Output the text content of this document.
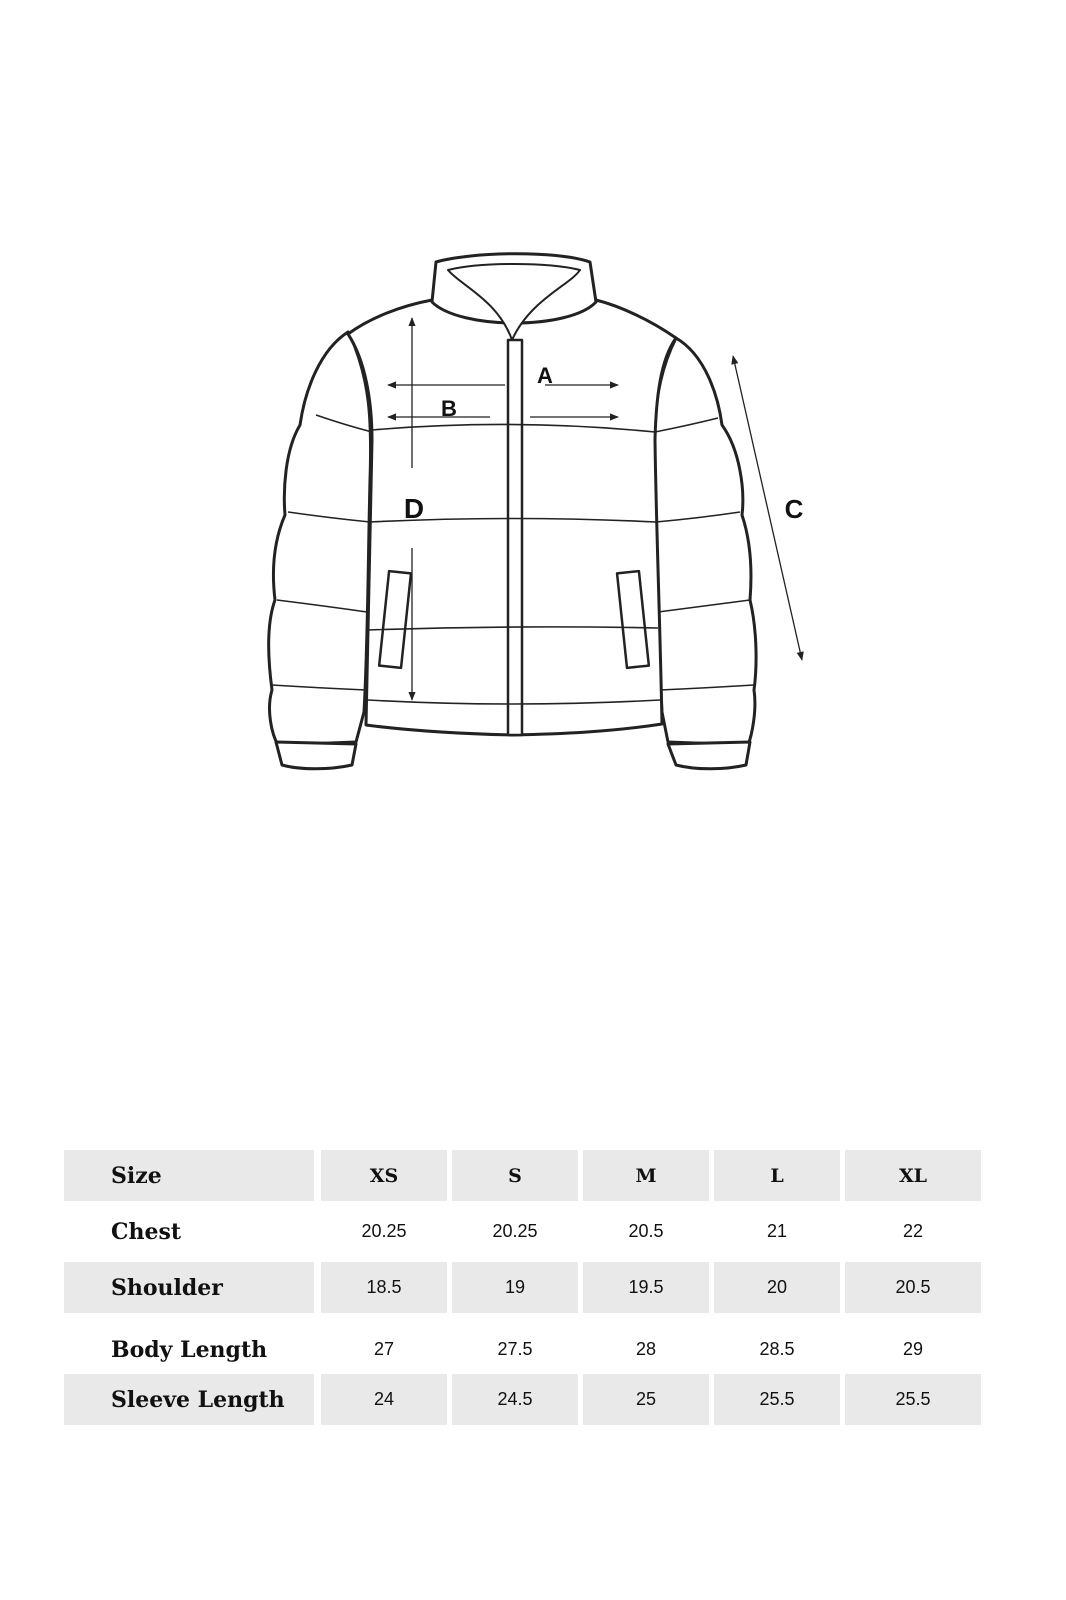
A
B
C
D
Size	XS	S	M	L	XL
Chest	20.25	20.25	20.5	21	22
Shoulder	18.5	19	19.5	20	20.5
Body Length	27	27.5	28	28.5	29
Sleeve Length	24	24.5	25	25.5	25.5
